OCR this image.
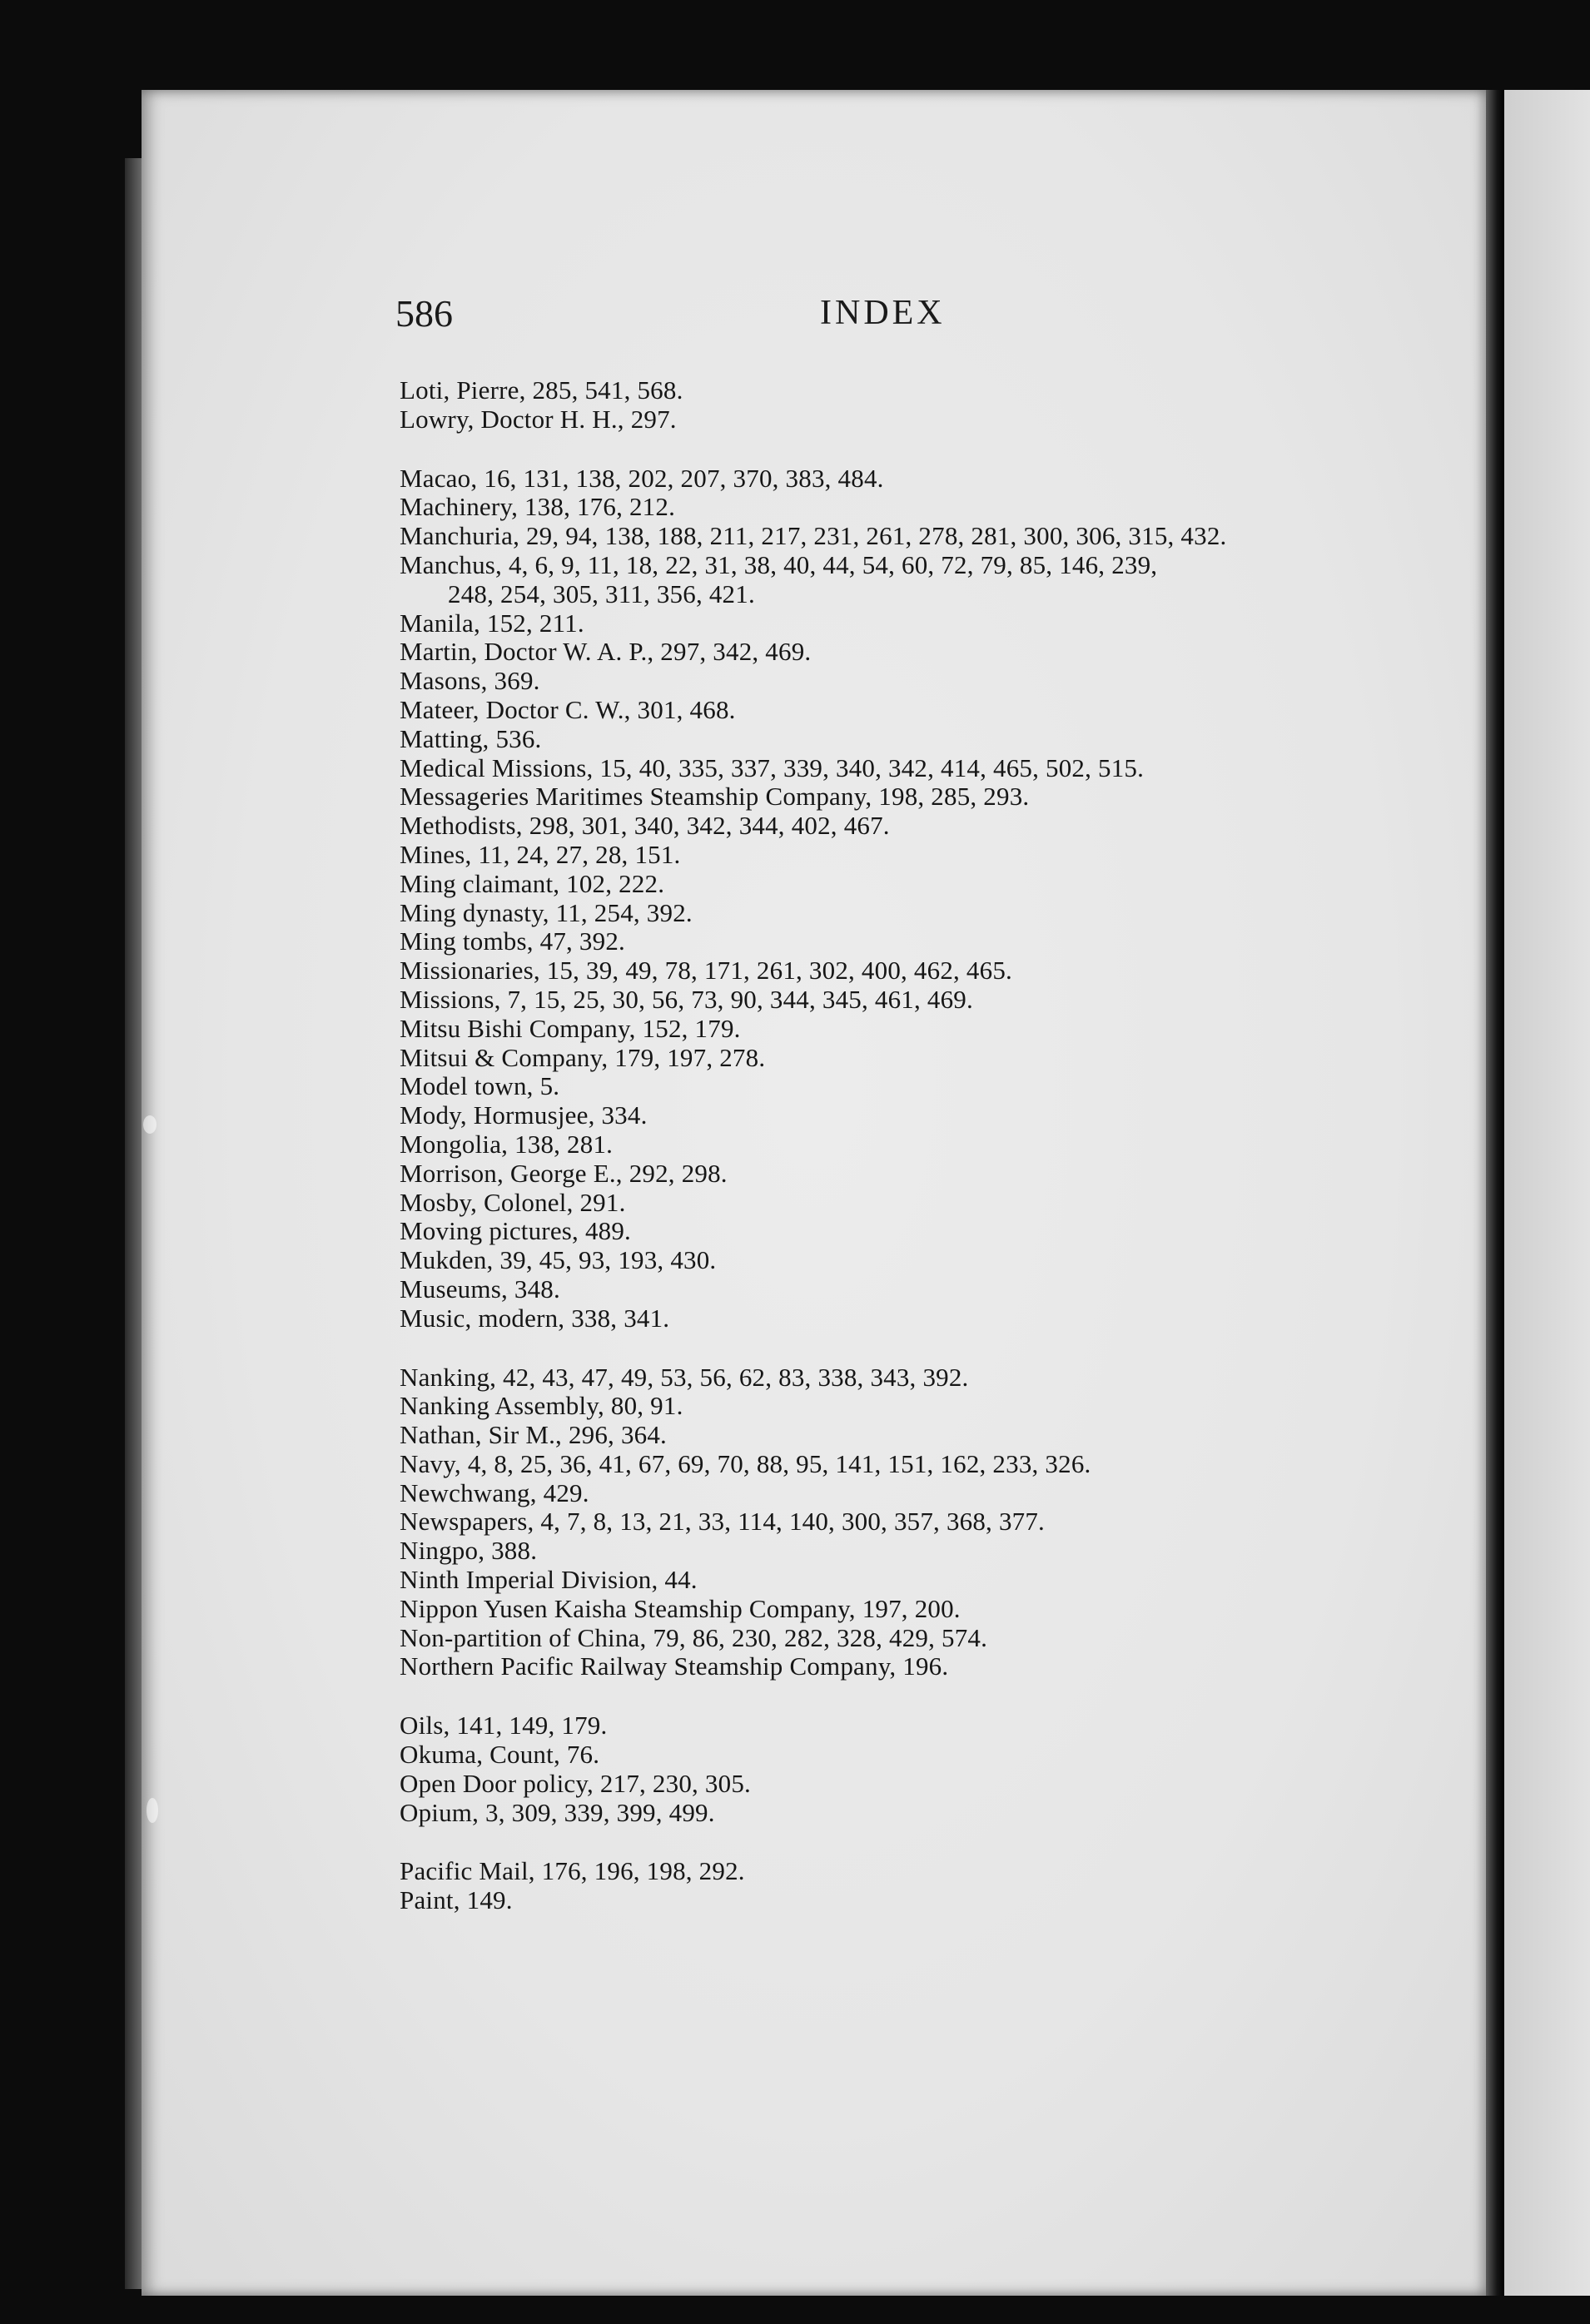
586	INDEX
Loti, Pierre, 285, 541, 568.
Lowry, Doctor H. H., 297.
Macao, 16, 131, 138, 202, 207, 370, 383, 484.
Machinery, 138, 176, 212.
Manchuria, 29, 94, 138, 188, 211, 217, 231, 261, 278, 281, 300, 306, 315, 432.
Manchus, 4, 6, 9, 11, 18, 22, 31, 38, 40, 44, 54, 60, 72, 79, 85, 146, 239,
248, 254, 305, 311, 356, 421.
Manila, 152, 211.
Martin, Doctor W. A. P., 297, 342, 469.
Masons, 369.
Mateer, Doctor C. W., 301, 468.
Matting, 536.
Medical Missions, 15, 40, 335, 337, 339, 340, 342, 414, 465, 502, 515.
Messageries Maritimes Steamship Company, 198, 285, 293.
Methodists, 298, 301, 340, 342, 344, 402, 467.
Mines, 11, 24, 27, 28, 151.
Ming claimant, 102, 222.
Ming dynasty, 11, 254, 392.
Ming tombs, 47, 392.
Missionaries, 15, 39, 49, 78, 171, 261, 302, 400, 462, 465.
Missions, 7, 15, 25, 30, 56, 73, 90, 344, 345, 461, 469.
Mitsu Bishi Company, 152, 179.
Mitsui & Company, 179, 197, 278.
Model town, 5.
Mody, Hormusjee, 334.
Mongolia, 138, 281.
Morrison, George E., 292, 298.
Mosby, Colonel, 291.
Moving pictures, 489.
Mukden, 39, 45, 93, 193, 430.
Museums, 348.
Music, modern, 338, 341.
Nanking, 42, 43, 47, 49, 53, 56, 62, 83, 338, 343, 392.
Nanking Assembly, 80, 91.
Nathan, Sir M., 296, 364.
Navy, 4, 8, 25, 36, 41, 67, 69, 70, 88, 95, 141, 151, 162, 233, 326.
Newchwang, 429.
Newspapers, 4, 7, 8, 13, 21, 33, 114, 140, 300, 357, 368, 377.
Ningpo, 388.
Ninth Imperial Division, 44.
Nippon Yusen Kaisha Steamship Company, 197, 200.
Non-partition of China, 79, 86, 230, 282, 328, 429, 574.
Northern Pacific Railway Steamship Company, 196.
Oils, 141, 149, 179.
Okuma, Count, 76.
Open Door policy, 217, 230, 305.
Opium, 3, 309, 339, 399, 499.
Pacific Mail, 176, 196, 198, 292.
Paint, 149.
